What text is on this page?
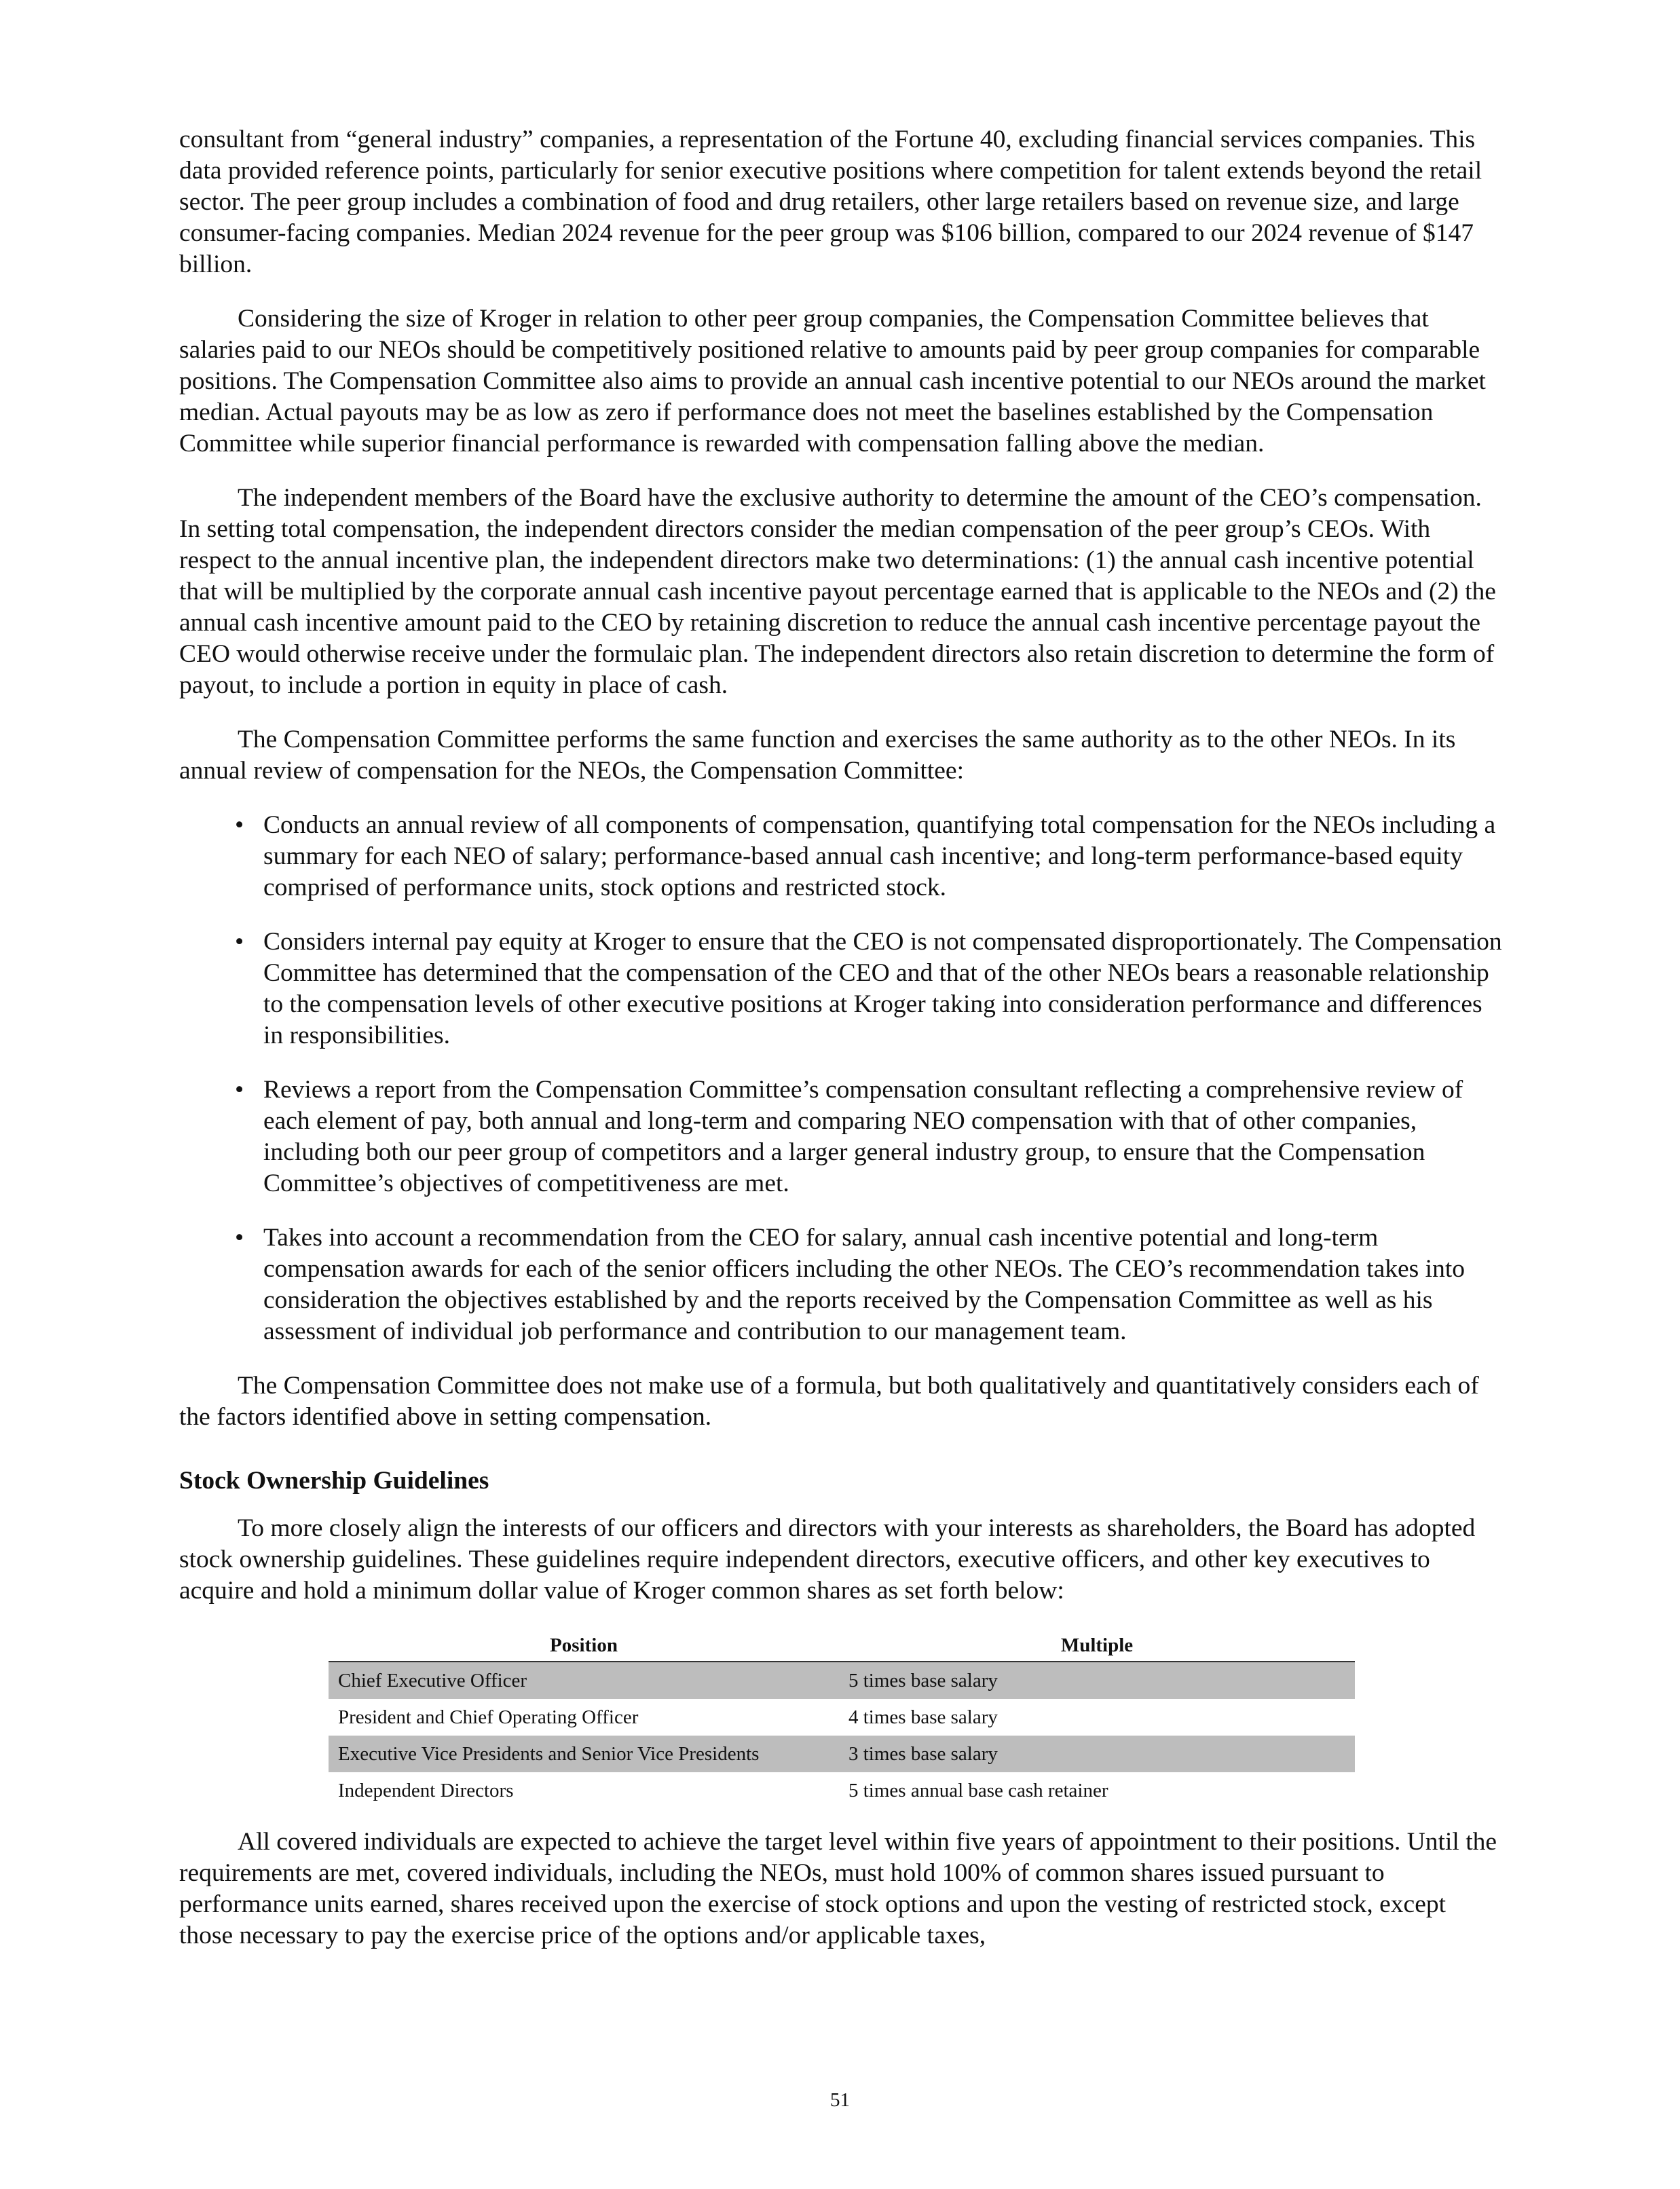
consultant from “general industry” companies, a representation of the Fortune 40, excluding financial services companies. This data provided reference points, particularly for senior executive positions where competition for talent extends beyond the retail sector. The peer group includes a combination of food and drug retailers, other large retailers based on revenue size, and large consumer-facing companies. Median 2024 revenue for the peer group was $106 billion, compared to our 2024 revenue of $147 billion.

Considering the size of Kroger in relation to other peer group companies, the Compensation Committee believes that salaries paid to our NEOs should be competitively positioned relative to amounts paid by peer group companies for comparable positions. The Compensation Committee also aims to provide an annual cash incentive potential to our NEOs around the market median. Actual payouts may be as low as zero if performance does not meet the baselines established by the Compensation Committee while superior financial performance is rewarded with compensation falling above the median.

The independent members of the Board have the exclusive authority to determine the amount of the CEO’s compensation. In setting total compensation, the independent directors consider the median compensation of the peer group’s CEOs. With respect to the annual incentive plan, the independent directors make two determinations: (1) the annual cash incentive potential that will be multiplied by the corporate annual cash incentive payout percentage earned that is applicable to the NEOs and (2) the annual cash incentive amount paid to the CEO by retaining discretion to reduce the annual cash incentive percentage payout the CEO would otherwise receive under the formulaic plan. The independent directors also retain discretion to determine the form of payout, to include a portion in equity in place of cash.

The Compensation Committee performs the same function and exercises the same authority as to the other NEOs. In its annual review of compensation for the NEOs, the Compensation Committee:

• Conducts an annual review of all components of compensation, quantifying total compensation for the NEOs including a summary for each NEO of salary; performance-based annual cash incentive; and long-term performance-based equity comprised of performance units, stock options and restricted stock.
• Considers internal pay equity at Kroger to ensure that the CEO is not compensated disproportionately. The Compensation Committee has determined that the compensation of the CEO and that of the other NEOs bears a reasonable relationship to the compensation levels of other executive positions at Kroger taking into consideration performance and differences in responsibilities.
• Reviews a report from the Compensation Committee’s compensation consultant reflecting a comprehensive review of each element of pay, both annual and long-term and comparing NEO compensation with that of other companies, including both our peer group of competitors and a larger general industry group, to ensure that the Compensation Committee’s objectives of competitiveness are met.
• Takes into account a recommendation from the CEO for salary, annual cash incentive potential and long-term compensation awards for each of the senior officers including the other NEOs. The CEO’s recommendation takes into consideration the objectives established by and the reports received by the Compensation Committee as well as his assessment of individual job performance and contribution to our management team.

The Compensation Committee does not make use of a formula, but both qualitatively and quantitatively considers each of the factors identified above in setting compensation.

Stock Ownership Guidelines

To more closely align the interests of our officers and directors with your interests as shareholders, the Board has adopted stock ownership guidelines. These guidelines require independent directors, executive officers, and other key executives to acquire and hold a minimum dollar value of Kroger common shares as set forth below:

Position	Multiple
Chief Executive Officer	5 times base salary
President and Chief Operating Officer	4 times base salary
Executive Vice Presidents and Senior Vice Presidents	3 times base salary
Independent Directors	5 times annual base cash retainer

All covered individuals are expected to achieve the target level within five years of appointment to their positions. Until the requirements are met, covered individuals, including the NEOs, must hold 100% of common shares issued pursuant to performance units earned, shares received upon the exercise of stock options and upon the vesting of restricted stock, except those necessary to pay the exercise price of the options and/or applicable taxes,

51
